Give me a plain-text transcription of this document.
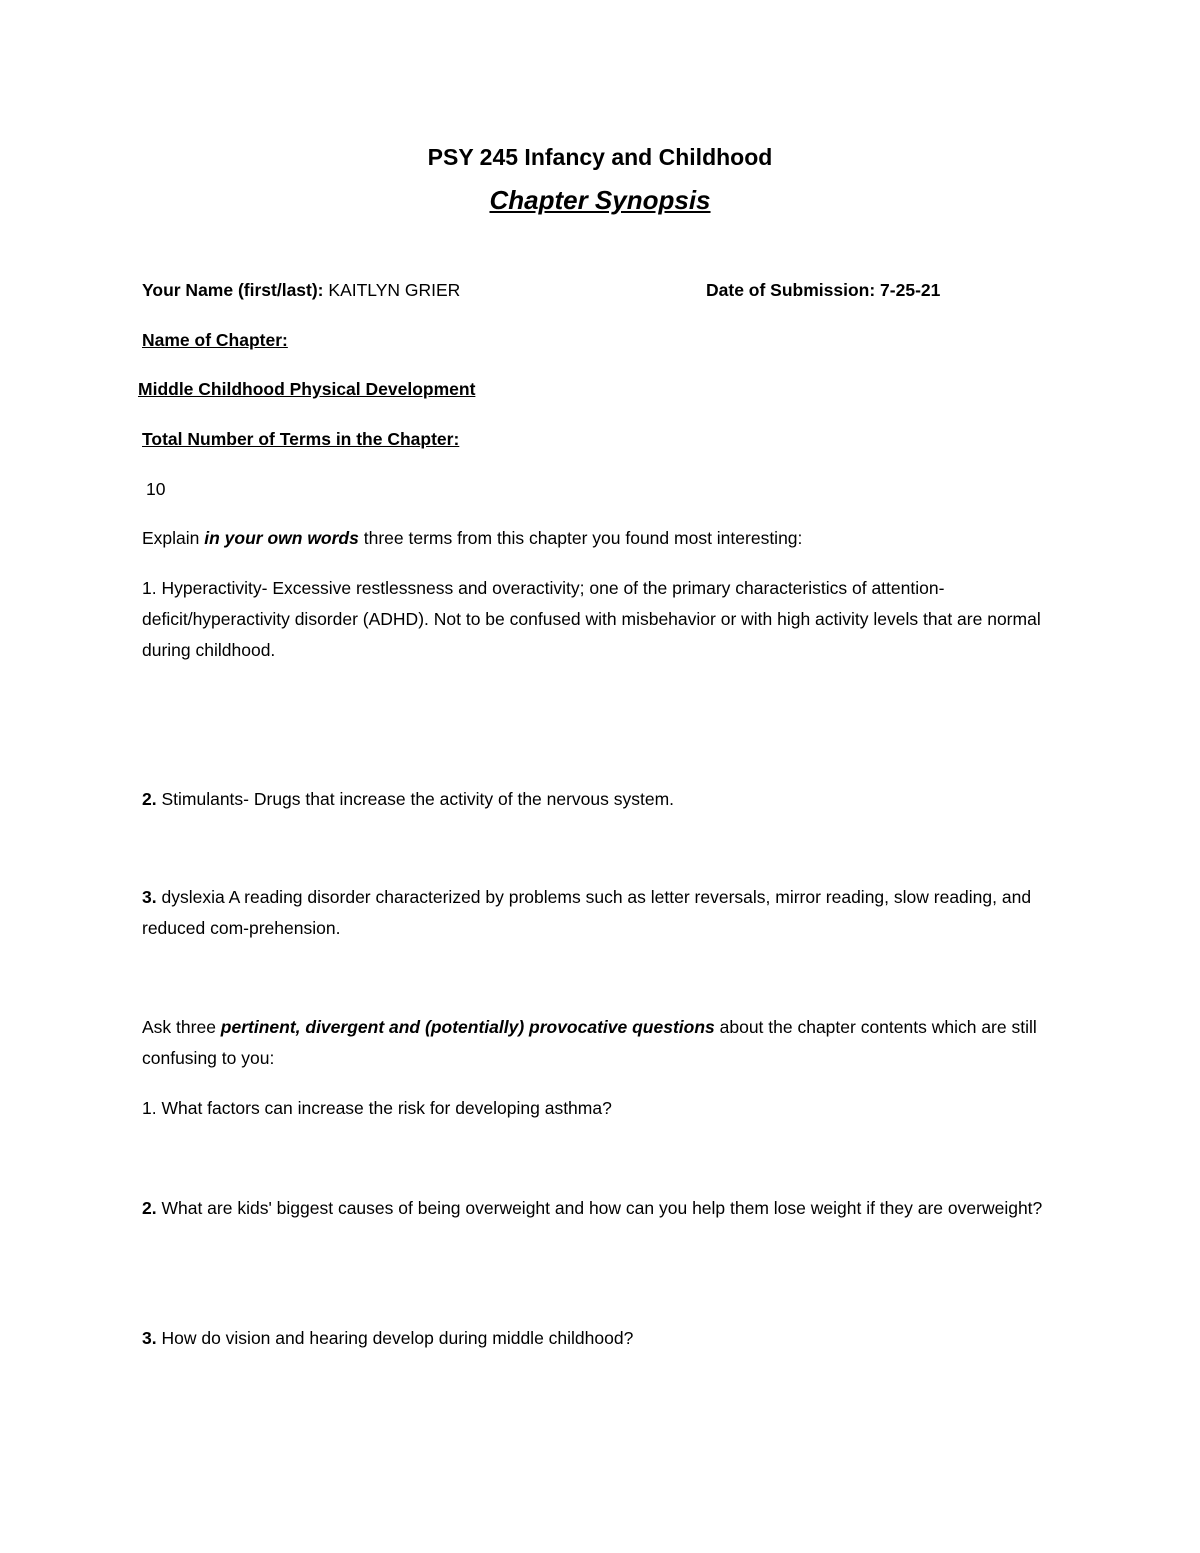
PSY 245 Infancy and Childhood
Chapter Synopsis
Your Name (first/last): KAITLYN GRIER	Date of Submission: 7-25-21
Name of Chapter:
Middle Childhood Physical Development
Total Number of Terms in the Chapter:
10
Explain in your own words three terms from this chapter you found most interesting:
1. Hyperactivity- Excessive restlessness and overactivity; one of the primary characteristics of attention-deficit/hyperactivity disorder (ADHD). Not to be confused with misbehavior or with high activity levels that are normal during childhood.
2. Stimulants- Drugs that increase the activity of the nervous system.
3. dyslexia A reading disorder characterized by problems such as letter reversals, mirror reading, slow reading, and reduced com-prehension.
Ask three pertinent, divergent and (potentially) provocative questions about the chapter contents which are still confusing to you:
1. What factors can increase the risk for developing asthma?
2. What are kids' biggest causes of being overweight and how can you help them lose weight if they are overweight?
3. How do vision and hearing develop during middle childhood?
